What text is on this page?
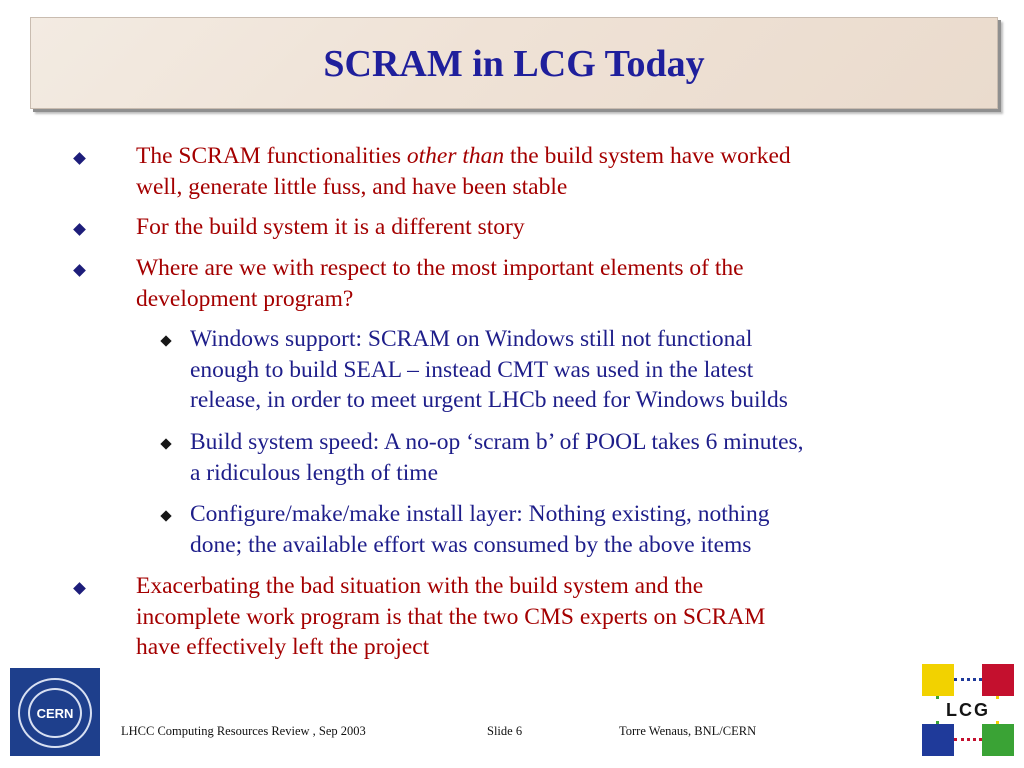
SCRAM in LCG Today
The SCRAM functionalities other than the build system have worked
well, generate little fuss, and have been stable
For the build system it is a different story
Where are we with respect to the most important elements of the
development program?
Windows support: SCRAM on Windows still not functional
enough to build SEAL – instead CMT was used in the latest
release, in order to meet urgent LHCb need for Windows builds
Build system speed: A no-op ‘scram b’ of POOL takes 6 minutes,
a ridiculous length of time
Configure/make/make install layer: Nothing existing, nothing
done; the available effort was consumed by the above items
Exacerbating the bad situation with the build system and the
incomplete work program is that the two CMS experts on SCRAM
have effectively left the project
CERN
LHCC Computing Resources Review , Sep 2003	Slide 6	Torre Wenaus, BNL/CERN
LCG
